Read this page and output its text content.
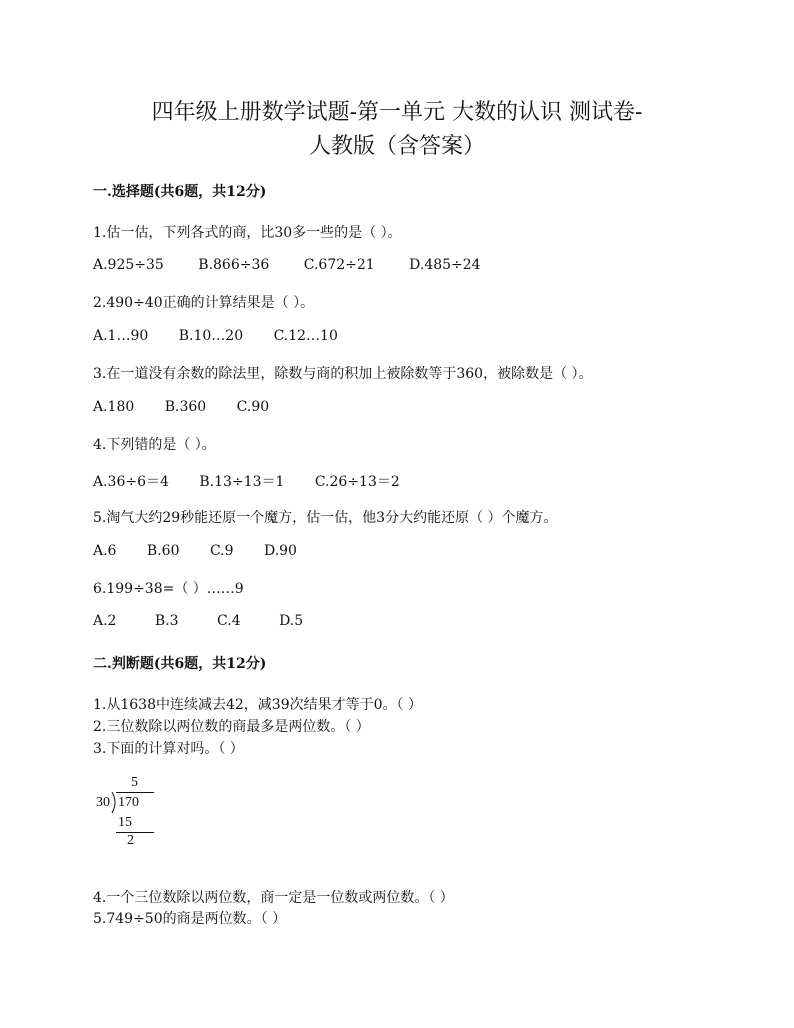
四年级上册数学试题-第一单元 大数的认识 测试卷-
人教版（含答案）
一.选择题(共6题，共12分)
1.估一估，下列各式的商，比30多一些的是（ ）。
A.925÷35 B.866÷36 C.672÷21 D.485÷24
2.490÷40正确的计算结果是（ ）。
A.1…90 B.10…20 C.12…10
3.在一道没有余数的除法里，除数与商的积加上被除数等于360，被除数是（ ）。
A.180 B.360 C.90
4.下列错的是（ ）。
A.36÷6＝4 B.13÷13＝1 C.26÷13＝2
5.淘气大约29秒能还原一个魔方，估一估，他3分大约能还原（ ）个魔方。
A.6 B.60 C.9 D.90
6.199÷38=（ ）……9
A.2	B.3	C.4	D.5
二.判断题(共6题，共12分)
1.从1638中连续减去42，减39次结果才等于0。（ ）
2.三位数除以两位数的商最多是两位数。（ ）
3.下面的计算对吗。（ ）
5
30 170
15
2
4.一个三位数除以两位数，商一定是一位数或两位数。（ ）
5.749÷50的商是两位数。（ ）
